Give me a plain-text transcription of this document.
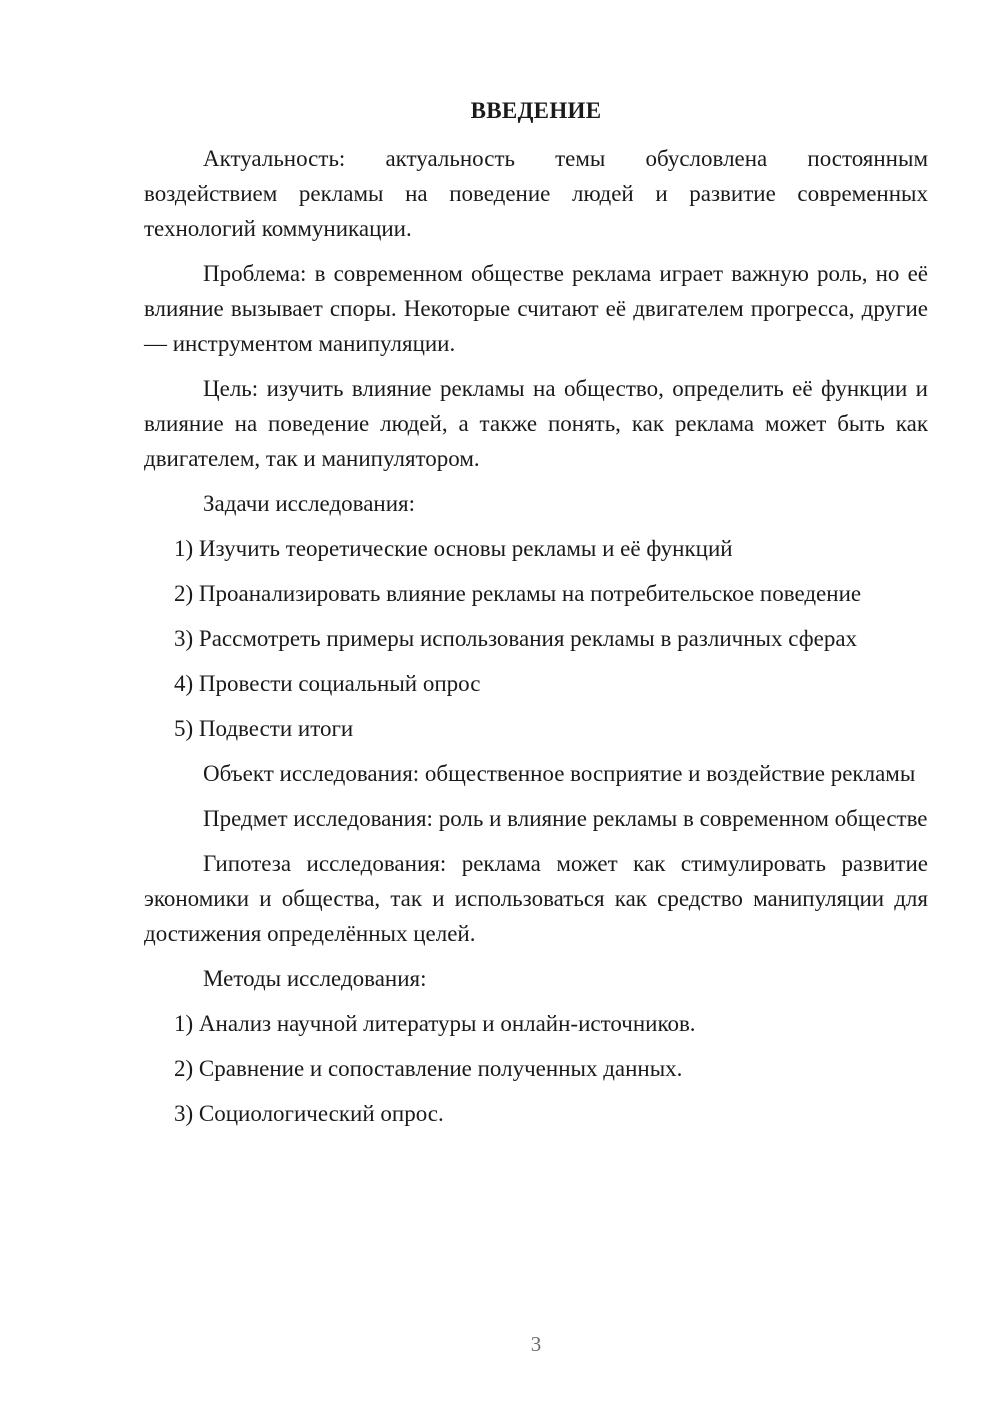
ВВЕДЕНИЕ

Актуальность: актуальность темы обусловлена постоянным воздействием рекламы на поведение людей и развитие современных технологий коммуникации.

Проблема: в современном обществе реклама играет важную роль, но её влияние вызывает споры. Некоторые считают её двигателем прогресса, другие — инструментом манипуляции.

Цель: изучить влияние рекламы на общество, определить её функции и влияние на поведение людей, а также понять, как реклама может быть как двигателем, так и манипулятором.

Задачи исследования:

1) Изучить теоретические основы рекламы и её функций

2) Проанализировать влияние рекламы на потребительское поведение

3) Рассмотреть примеры использования рекламы в различных сферах

4) Провести социальный опрос

5) Подвести итоги

Объект исследования: общественное восприятие и воздействие рекламы

Предмет исследования: роль и влияние рекламы в современном обществе

Гипотеза исследования: реклама может как стимулировать развитие экономики и общества, так и использоваться как средство манипуляции для достижения определённых целей.

Методы исследования:

1) Анализ научной литературы и онлайн-источников.

2) Сравнение и сопоставление полученных данных.

3) Социологический опрос.

3
